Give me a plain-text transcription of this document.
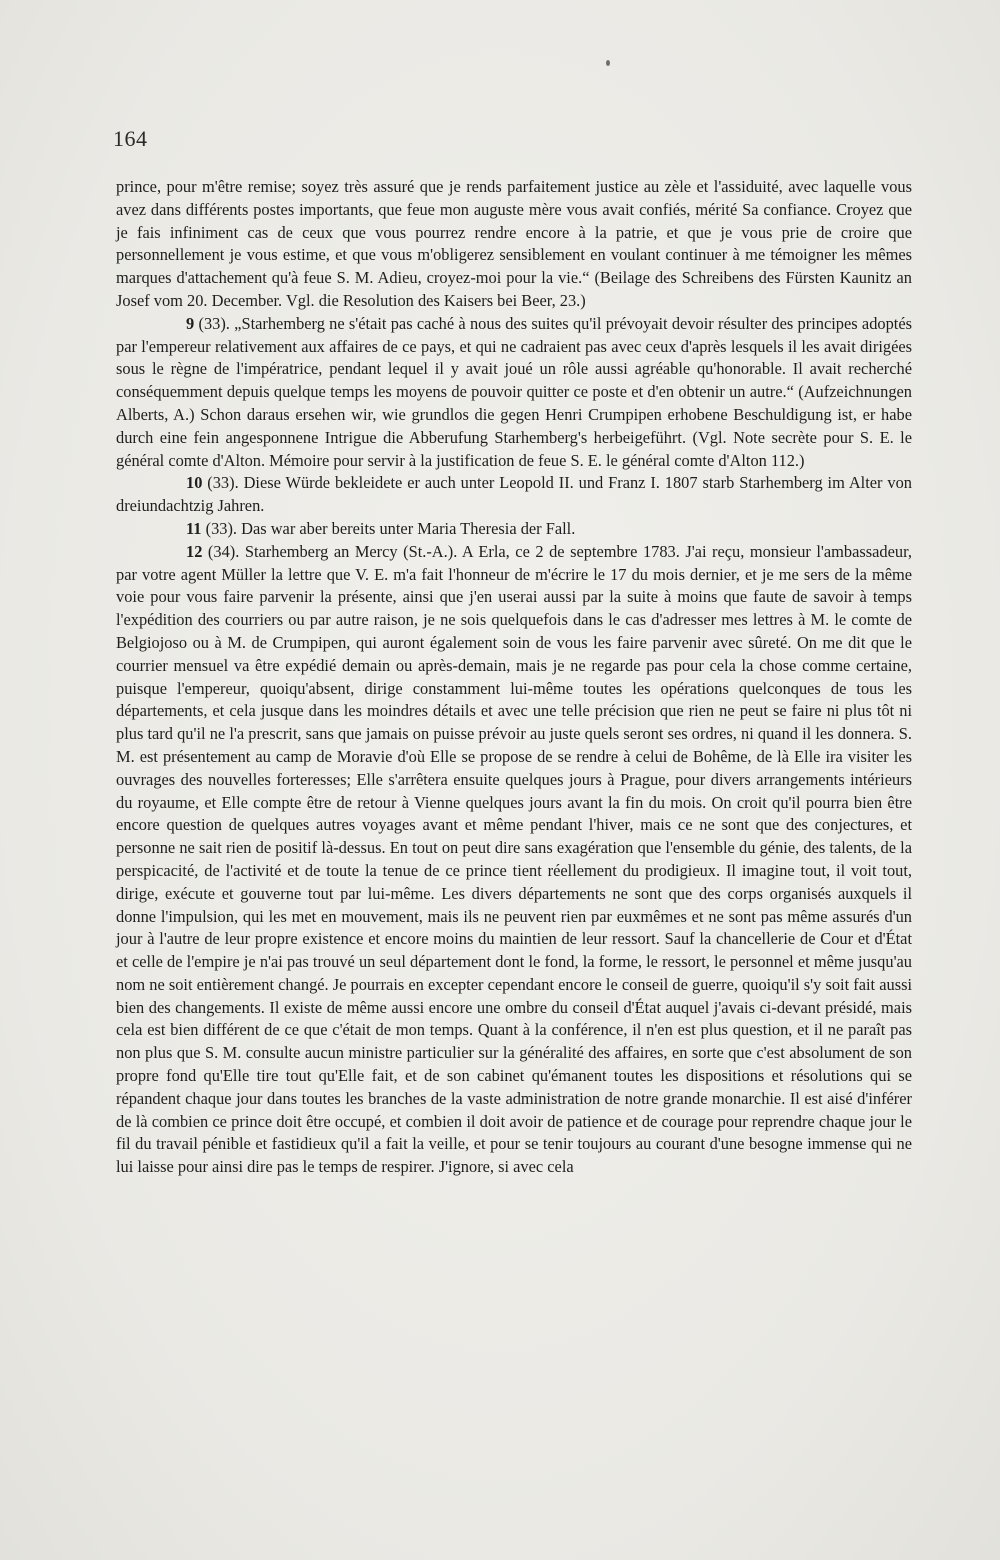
164

prince, pour m'être remise; soyez très assuré que je rends parfaitement justice au zèle et l'assiduité, avec laquelle vous avez dans différents postes importants, que feue mon auguste mère vous avait confiés, mérité Sa confiance. Croyez que je fais infiniment cas de ceux que vous pourrez rendre encore à la patrie, et que je vous prie de croire que personnellement je vous estime, et que vous m'obligerez sensiblement en voulant continuer à me témoigner les mêmes marques d'attachement qu'à feue S. M. Adieu, croyez-moi pour la vie.“ (Beilage des Schreibens des Fürsten Kaunitz an Josef vom 20. December. Vgl. die Resolution des Kaisers bei Beer, 23.)

9 (33). „Starhemberg ne s'était pas caché à nous des suites qu'il prévoyait devoir résulter des principes adoptés par l'empereur relativement aux affaires de ce pays, et qui ne cadraient pas avec ceux d'après lesquels il les avait dirigées sous le règne de l'impératrice, pendant lequel il y avait joué un rôle aussi agréable qu'honorable. Il avait recherché conséquemment depuis quelque temps les moyens de pouvoir quitter ce poste et d'en obtenir un autre.“ (Aufzeichnungen Alberts, A.) Schon daraus ersehen wir, wie grundlos die gegen Henri Crumpipen erhobene Beschuldigung ist, er habe durch eine fein angesponnene Intrigue die Abberufung Starhemberg's herbeigeführt. (Vgl. Note secrète pour S. E. le général comte d'Alton. Mémoire pour servir à la justification de feue S. E. le général comte d'Alton 112.)

10 (33). Diese Würde bekleidete er auch unter Leopold II. und Franz I. 1807 starb Starhemberg im Alter von dreiundachtzig Jahren.

11 (33). Das war aber bereits unter Maria Theresia der Fall.

12 (34). Starhemberg an Mercy (St.-A.). A Erla, ce 2 de septembre 1783. J'ai reçu, monsieur l'ambassadeur, par votre agent Müller la lettre que V. E. m'a fait l'honneur de m'écrire le 17 du mois dernier, et je me sers de la même voie pour vous faire parvenir la présente, ainsi que j'en userai aussi par la suite à moins que faute de savoir à temps l'expédition des courriers ou par autre raison, je ne sois quelquefois dans le cas d'adresser mes lettres à M. le comte de Belgiojoso ou à M. de Crumpipen, qui auront également soin de vous les faire parvenir avec sûreté. On me dit que le courrier mensuel va être expédié demain ou après-demain, mais je ne regarde pas pour cela la chose comme certaine, puisque l'empereur, quoiqu'absent, dirige constamment lui-même toutes les opérations quelconques de tous les départements, et cela jusque dans les moindres détails et avec une telle précision que rien ne peut se faire ni plus tôt ni plus tard qu'il ne l'a prescrit, sans que jamais on puisse prévoir au juste quels seront ses ordres, ni quand il les donnera. S. M. est présentement au camp de Moravie d'où Elle se propose de se rendre à celui de Bohême, de là Elle ira visiter les ouvrages des nouvelles forteresses; Elle s'arrêtera ensuite quelques jours à Prague, pour divers arrangements intérieurs du royaume, et Elle compte être de retour à Vienne quelques jours avant la fin du mois. On croit qu'il pourra bien être encore question de quelques autres voyages avant et même pendant l'hiver, mais ce ne sont que des conjectures, et personne ne sait rien de positif là-dessus. En tout on peut dire sans exagération que l'ensemble du génie, des talents, de la perspicacité, de l'activité et de toute la tenue de ce prince tient réellement du prodigieux. Il imagine tout, il voit tout, dirige, exécute et gouverne tout par lui-même. Les divers départements ne sont que des corps organisés auxquels il donne l'impulsion, qui les met en mouvement, mais ils ne peuvent rien par euxmêmes et ne sont pas même assurés d'un jour à l'autre de leur propre existence et encore moins du maintien de leur ressort. Sauf la chancellerie de Cour et d'État et celle de l'empire je n'ai pas trouvé un seul département dont le fond, la forme, le ressort, le personnel et même jusqu'au nom ne soit entièrement changé. Je pourrais en excepter cependant encore le conseil de guerre, quoiqu'il s'y soit fait aussi bien des changements. Il existe de même aussi encore une ombre du conseil d'État auquel j'avais ci-devant présidé, mais cela est bien différent de ce que c'était de mon temps. Quant à la conférence, il n'en est plus question, et il ne paraît pas non plus que S. M. consulte aucun ministre particulier sur la généralité des affaires, en sorte que c'est absolument de son propre fond qu'Elle tire tout qu'Elle fait, et de son cabinet qu'émanent toutes les dispositions et résolutions qui se répandent chaque jour dans toutes les branches de la vaste administration de notre grande monarchie. Il est aisé d'inférer de là combien ce prince doit être occupé, et combien il doit avoir de patience et de courage pour reprendre chaque jour le fil du travail pénible et fastidieux qu'il a fait la veille, et pour se tenir toujours au courant d'une besogne immense qui ne lui laisse pour ainsi dire pas le temps de respirer. J'ignore, si avec cela
